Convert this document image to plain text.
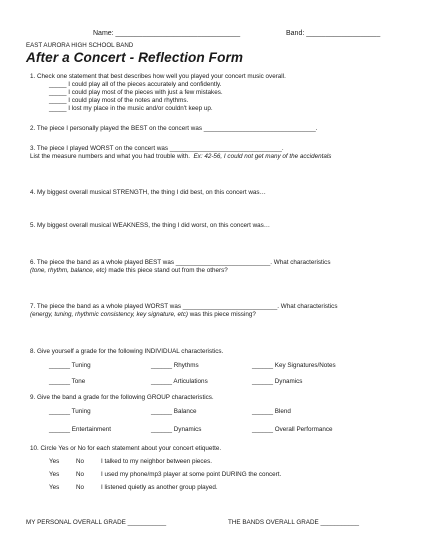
Name: ________________________________	Band: ___________________
EAST AURORA HIGH SCHOOL BAND
After a Concert - Reflection Form
1. Check one statement that best describes how well you played your concert music overall.
_____ I could play all of the pieces accurately and confidently.
_____ I could play most of the pieces with just a few mistakes.
_____ I could play most of the notes and rhythms.
_____ I lost my place in the music and/or couldn't keep up.
2. The piece I personally played the BEST on the concert was ________________________________.
3. The piece I played WORST on the concert was ________________________________.
List the measure numbers and what you had trouble with. Ex: 42-56, I could not get many of the accidentals
4. My biggest overall musical STRENGTH, the thing I did best, on this concert was…
5. My biggest overall musical WEAKNESS, the thing I did worst, on this concert was…
6. The piece the band as a whole played BEST was ___________________________. What characteristics
(tone, rhythm, balance, etc) made this piece stand out from the others?
7. The piece the band as a whole played WORST was ___________________________. What characteristics
(energy, tuning, rhythmic consistency, key signature, etc) was this piece missing?
8. Give yourself a grade for the following INDIVIDUAL characteristics.
______ Tuning	______ Rhythms	______ Key Signatures/Notes
______ Tone	______ Articulations	______ Dynamics
9. Give the band a grade for the following GROUP characteristics.
______ Tuning	______ Balance	______ Blend
______ Entertainment	______ Dynamics	______ Overall Performance
10. Circle Yes or No for each statement about your concert etiquette.
Yes	No	I talked to my neighbor between pieces.
Yes	No	I used my phone/mp3 player at some point DURING the concert.
Yes	No	I listened quietly as another group played.
MY PERSONAL OVERALL GRADE ___________	THE BANDS OVERALL GRADE ___________
